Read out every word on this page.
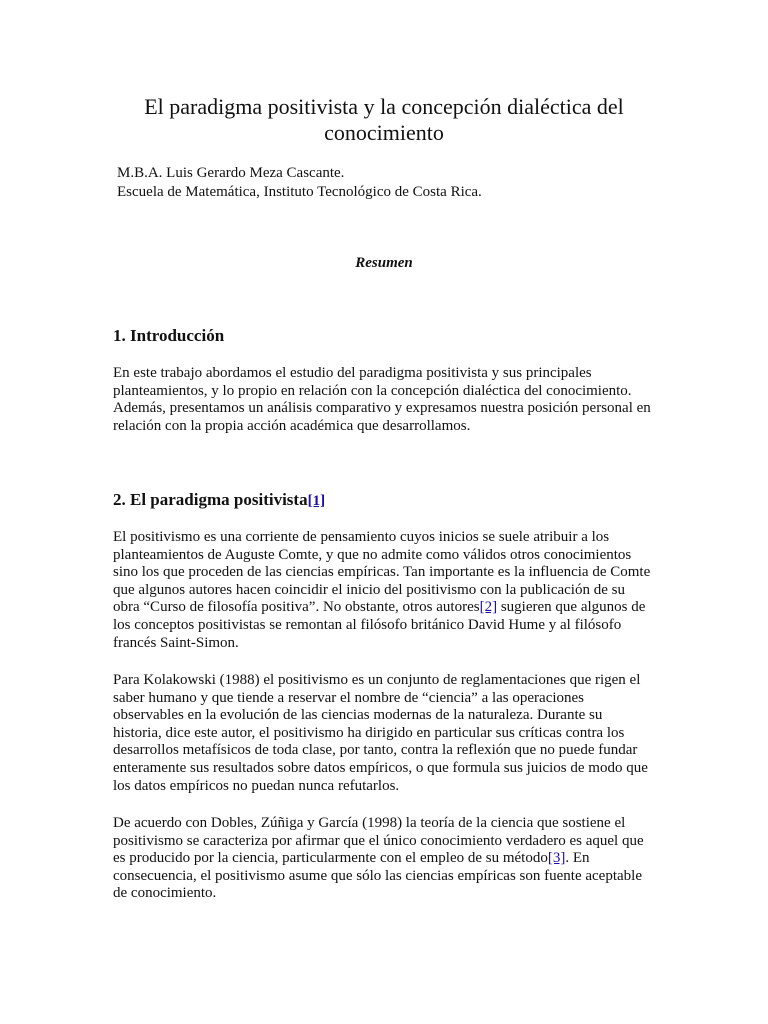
El paradigma positivista y la concepción dialéctica del
conocimiento
M.B.A. Luis Gerardo Meza Cascante.
Escuela de Matemática, Instituto Tecnológico de Costa Rica.
Resumen
1. Introducción

En este trabajo abordamos el estudio del paradigma positivista y sus principales
planteamientos, y lo propio en relación con la concepción dialéctica del conocimiento.
Además, presentamos un análisis comparativo y expresamos nuestra posición personal en
relación con la propia acción académica que desarrollamos.

2. El paradigma positivista[1]

El positivismo es una corriente de pensamiento cuyos inicios se suele atribuir a los
planteamientos de Auguste Comte, y que no admite como válidos otros conocimientos
sino los que proceden de las ciencias empíricas. Tan importante es la influencia de Comte
que algunos autores hacen coincidir el inicio del positivismo con la publicación de su
obra “Curso de filosofía positiva”. No obstante, otros autores[2] sugieren que algunos de
los conceptos positivistas se remontan al filósofo británico David Hume y al filósofo
francés Saint-Simon.

Para Kolakowski (1988) el positivismo es un conjunto de reglamentaciones que rigen el
saber humano y que tiende a reservar el nombre de “ciencia” a las operaciones
observables en la evolución de las ciencias modernas de la naturaleza. Durante su
historia, dice este autor, el positivismo ha dirigido en particular sus críticas contra los
desarrollos metafísicos de toda clase, por tanto, contra la reflexión que no puede fundar
enteramente sus resultados sobre datos empíricos, o que formula sus juicios de modo que
los datos empíricos no puedan nunca refutarlos.

De acuerdo con Dobles, Zúñiga y García (1998) la teoría de la ciencia que sostiene el
positivismo se caracteriza por afirmar que el único conocimiento verdadero es aquel que
es producido por la ciencia, particularmente con el empleo de su método[3]. En
consecuencia, el positivismo asume que sólo las ciencias empíricas son fuente aceptable
de conocimiento.
